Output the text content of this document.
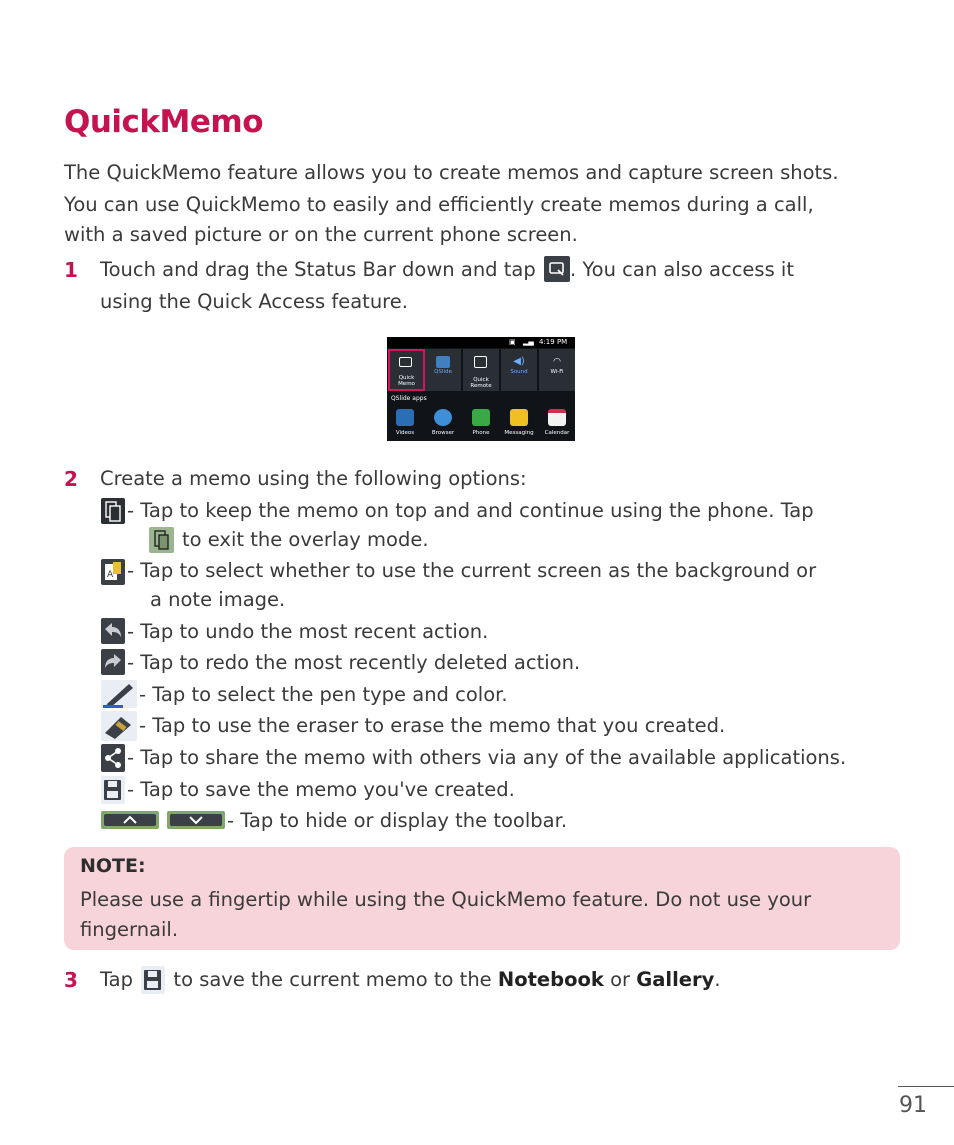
QuickMemo
The QuickMemo feature allows you to create memos and capture screen shots.
You can use QuickMemo to easily and efficiently create memos during a call,
with a saved picture or on the current phone screen.
1 Touch and drag the Status Bar down and tap . You can also access it
using the Quick Access feature.
▣ ▂▄ 4:19 PM
Quick
Memo
QSlide
Quick
Remote
◀)
Sound
◠
Wi-Fi
QSlide apps
Videos	Browser	Phone	Messaging	Calendar
2 Create a memo using the following options:
- Tap to keep the memo on top and and continue using the phone. Tap
to exit the overlay mode.
A - Tap to select whether to use the current screen as the background or
a note image.
- Tap to undo the most recent action.
- Tap to redo the most recently deleted action.
- Tap to select the pen type and color.
- Tap to use the eraser to erase the memo that you created.
- Tap to share the memo with others via any of the available applications.
- Tap to save the memo you've created.
- Tap to hide or display the toolbar.
NOTE:
Please use a fingertip while using the QuickMemo feature. Do not use your
fingernail.
3 Tap to save the current memo to the Notebook or Gallery.
91
